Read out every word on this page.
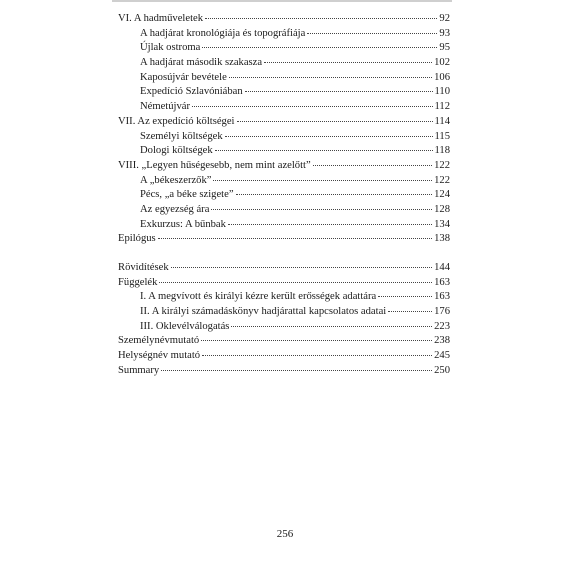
VI. A hadműveletek	92
A hadjárat kronológiája és topográfiája	93
Újlak ostroma	95
A hadjárat második szakasza	102
Kaposújvár bevétele	106
Expedíció Szlavóniában	110
Németújvár	112
VII. Az expedíció költségei	114
Személyi költségek	115
Dologi költségek	118
VIII. „Legyen hűségesebb, nem mint azelőtt”	122
A „békeszerzők”	122
Pécs, „a béke szigete”	124
Az egyezség ára	128
Exkurzus: A bűnbak	134
Epilógus	138
Rövidítések	144
Függelék	163
I. A megvívott és királyi kézre került erősségek adattára	163
II. A királyi számadáskönyv hadjárattal kapcsolatos adatai	176
III. Oklevélválogatás	223
Személynévmutató	238
Helységnév mutató	245
Summary	250
256
